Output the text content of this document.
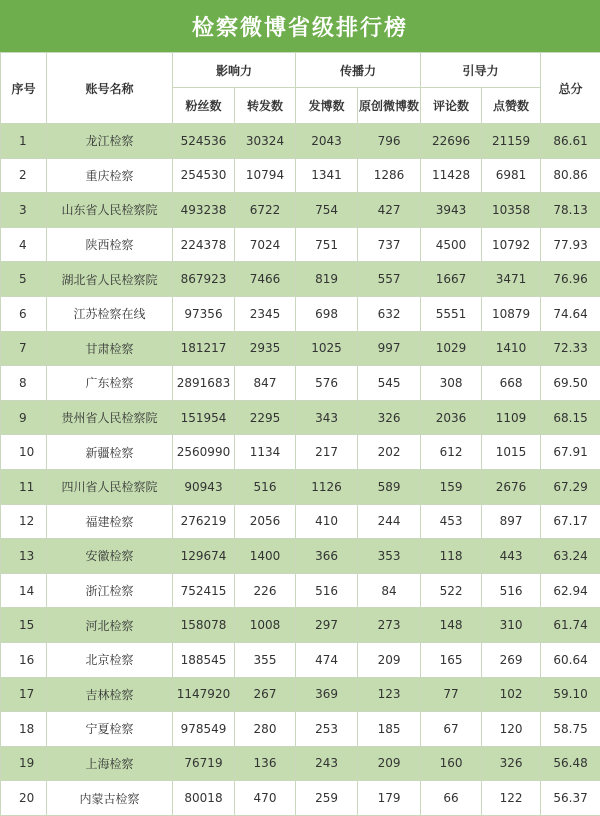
检察微博省级排行榜
序号	账号名称	影响力		传播力		引导力		总分
		粉丝数	转发数	发博数	原创微博数	评论数	点赞数	
1	龙江检察	524536	30324	2043	796	22696	21159	86.61
2	重庆检察	254530	10794	1341	1286	11428	6981	80.86
3	山东省人民检察院	493238	6722	754	427	3943	10358	78.13
4	陕西检察	224378	7024	751	737	4500	10792	77.93
5	湖北省人民检察院	867923	7466	819	557	1667	3471	76.96
6	江苏检察在线	97356	2345	698	632	5551	10879	74.64
7	甘肃检察	181217	2935	1025	997	1029	1410	72.33
8	广东检察	2891683	847	576	545	308	668	69.50
9	贵州省人民检察院	151954	2295	343	326	2036	1109	68.15
10	新疆检察	2560990	1134	217	202	612	1015	67.91
11	四川省人民检察院	90943	516	1126	589	159	2676	67.29
12	福建检察	276219	2056	410	244	453	897	67.17
13	安徽检察	129674	1400	366	353	118	443	63.24
14	浙江检察	752415	226	516	84	522	516	62.94
15	河北检察	158078	1008	297	273	148	310	61.74
16	北京检察	188545	355	474	209	165	269	60.64
17	吉林检察	1147920	267	369	123	77	102	59.10
18	宁夏检察	978549	280	253	185	67	120	58.75
19	上海检察	76719	136	243	209	160	326	56.48
20	内蒙古检察	80018	470	259	179	66	122	56.37
